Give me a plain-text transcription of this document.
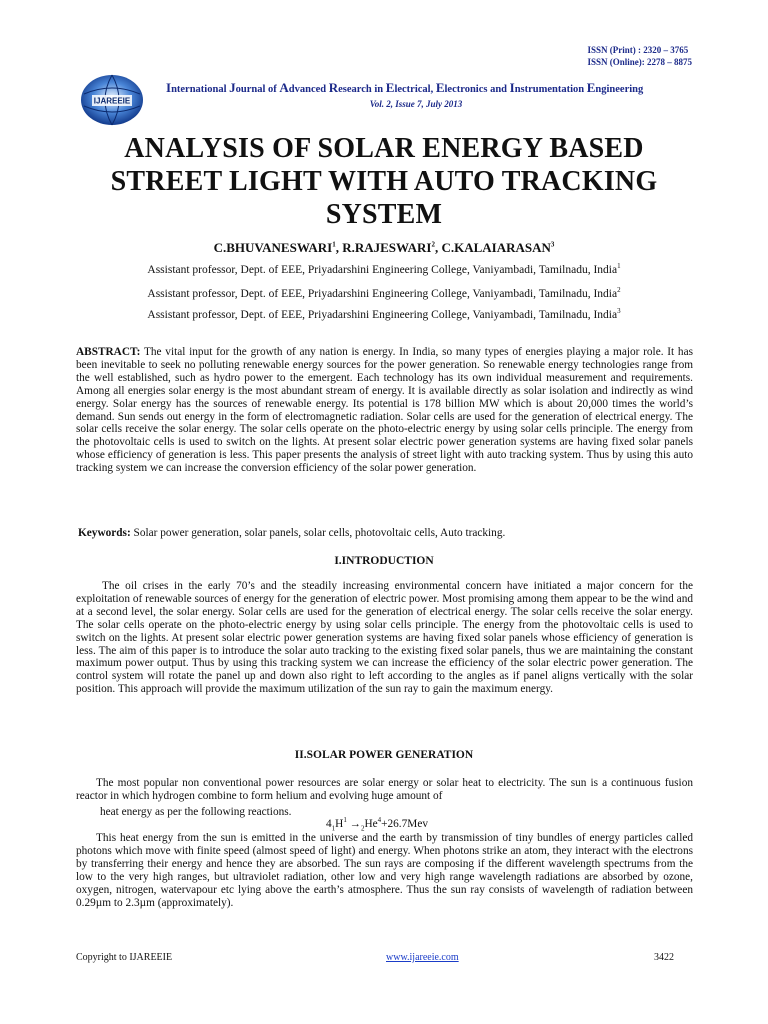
ISSN (Print) : 2320 – 3765
ISSN (Online): 2278 – 8875
IJAREEIE
International Journal of Advanced Research in Electrical, Electronics and Instrumentation Engineering
Vol. 2, Issue 7, July 2013
ANALYSIS OF SOLAR ENERGY BASED
STREET LIGHT WITH AUTO TRACKING
SYSTEM
C.BHUVANESWARI$^1$, R.RAJESWARI$^2$, C.KALAIARASAN$^3$
Assistant professor, Dept. of EEE, Priyadarshini Engineering College, Vaniyambadi, Tamilnadu, India$^1$
Assistant professor, Dept. of EEE, Priyadarshini Engineering College, Vaniyambadi, Tamilnadu, India$^2$
Assistant professor, Dept. of EEE, Priyadarshini Engineering College, Vaniyambadi, Tamilnadu, India$^3$
ABSTRACT: The vital input for the growth of any nation is energy. In India, so many types of energies playing a major role. It has been inevitable to seek no polluting renewable energy sources for the power generation. So renewable energy technologies range from the well established, such as hydro power to the emergent. Each technology has its own individual measurement and requirements. Among all energies solar energy is the most abundant stream of energy. It is available directly as solar isolation and indirectly as wind energy. Solar energy has the sources of renewable energy. Its potential is 178 billion MW which is about 20,000 times the world’s demand. Sun sends out energy in the form of electromagnetic radiation. Solar cells are used for the generation of electrical energy. The solar cells receive the solar energy. The solar cells operate on the photo-electric energy by using solar cells principle. The energy from the photovoltaic cells is used to switch on the lights. At present solar electric power generation systems are having fixed solar panels whose efficiency of generation is less. This paper presents the analysis of street light with auto tracking system. Thus by using this auto tracking system we can increase the conversion efficiency of the solar power generation.
Keywords: Solar power generation, solar panels, solar cells, photovoltaic cells, Auto tracking.
I.INTRODUCTION
The oil crises in the early 70’s and the steadily increasing environmental concern have initiated a major concern for the exploitation of renewable sources of energy for the generation of electric power. Most promising among them appear to be the wind and at a second level, the solar energy. Solar cells are used for the generation of electrical energy. The solar cells receive the solar energy. The solar cells operate on the photo-electric energy by using solar cells principle. The energy from the photovoltaic cells is used to switch on the lights. At present solar electric power generation systems are having fixed solar panels whose efficiency of generation is less. The aim of this paper is to introduce the solar auto tracking to the existing fixed solar panels, thus we are maintaining the constant maximum power output. Thus by using this tracking system we can increase the efficiency of the solar electric power generation. The control system will rotate the panel up and down also right to left according to the angles as if panel aligns vertically with the solar position. This approach will provide the maximum utilization of the sun ray to gain the maximum energy.
II.SOLAR POWER GENERATION
The most popular non conventional power resources are solar energy or solar heat to electricity. The sun is a continuous fusion reactor in which hydrogen combine to form helium and evolving huge amount of
heat energy as per the following reactions.
$4_1H^1 \to_2He^4+26.7Mev$
This heat energy from the sun is emitted in the universe and the earth by transmission of tiny bundles of energy particles called photons which move with finite speed (almost speed of light) and energy. When photons strike an atom, they interact with the electrons by transferring their energy and hence they are absorbed. The sun rays are composing if the different wavelength spectrums from the low to the very high ranges, but ultraviolet radiation, other low and very high range wavelength radiations are absorbed by ozone, oxygen, nitrogen, watervapour etc lying above the earth’s atmosphere. Thus the sun ray consists of wavelength of radiation between 0.29µm to 2.3µm (approximately).
Copyright to IJAREEIE	www.ijareeie.com	3422
